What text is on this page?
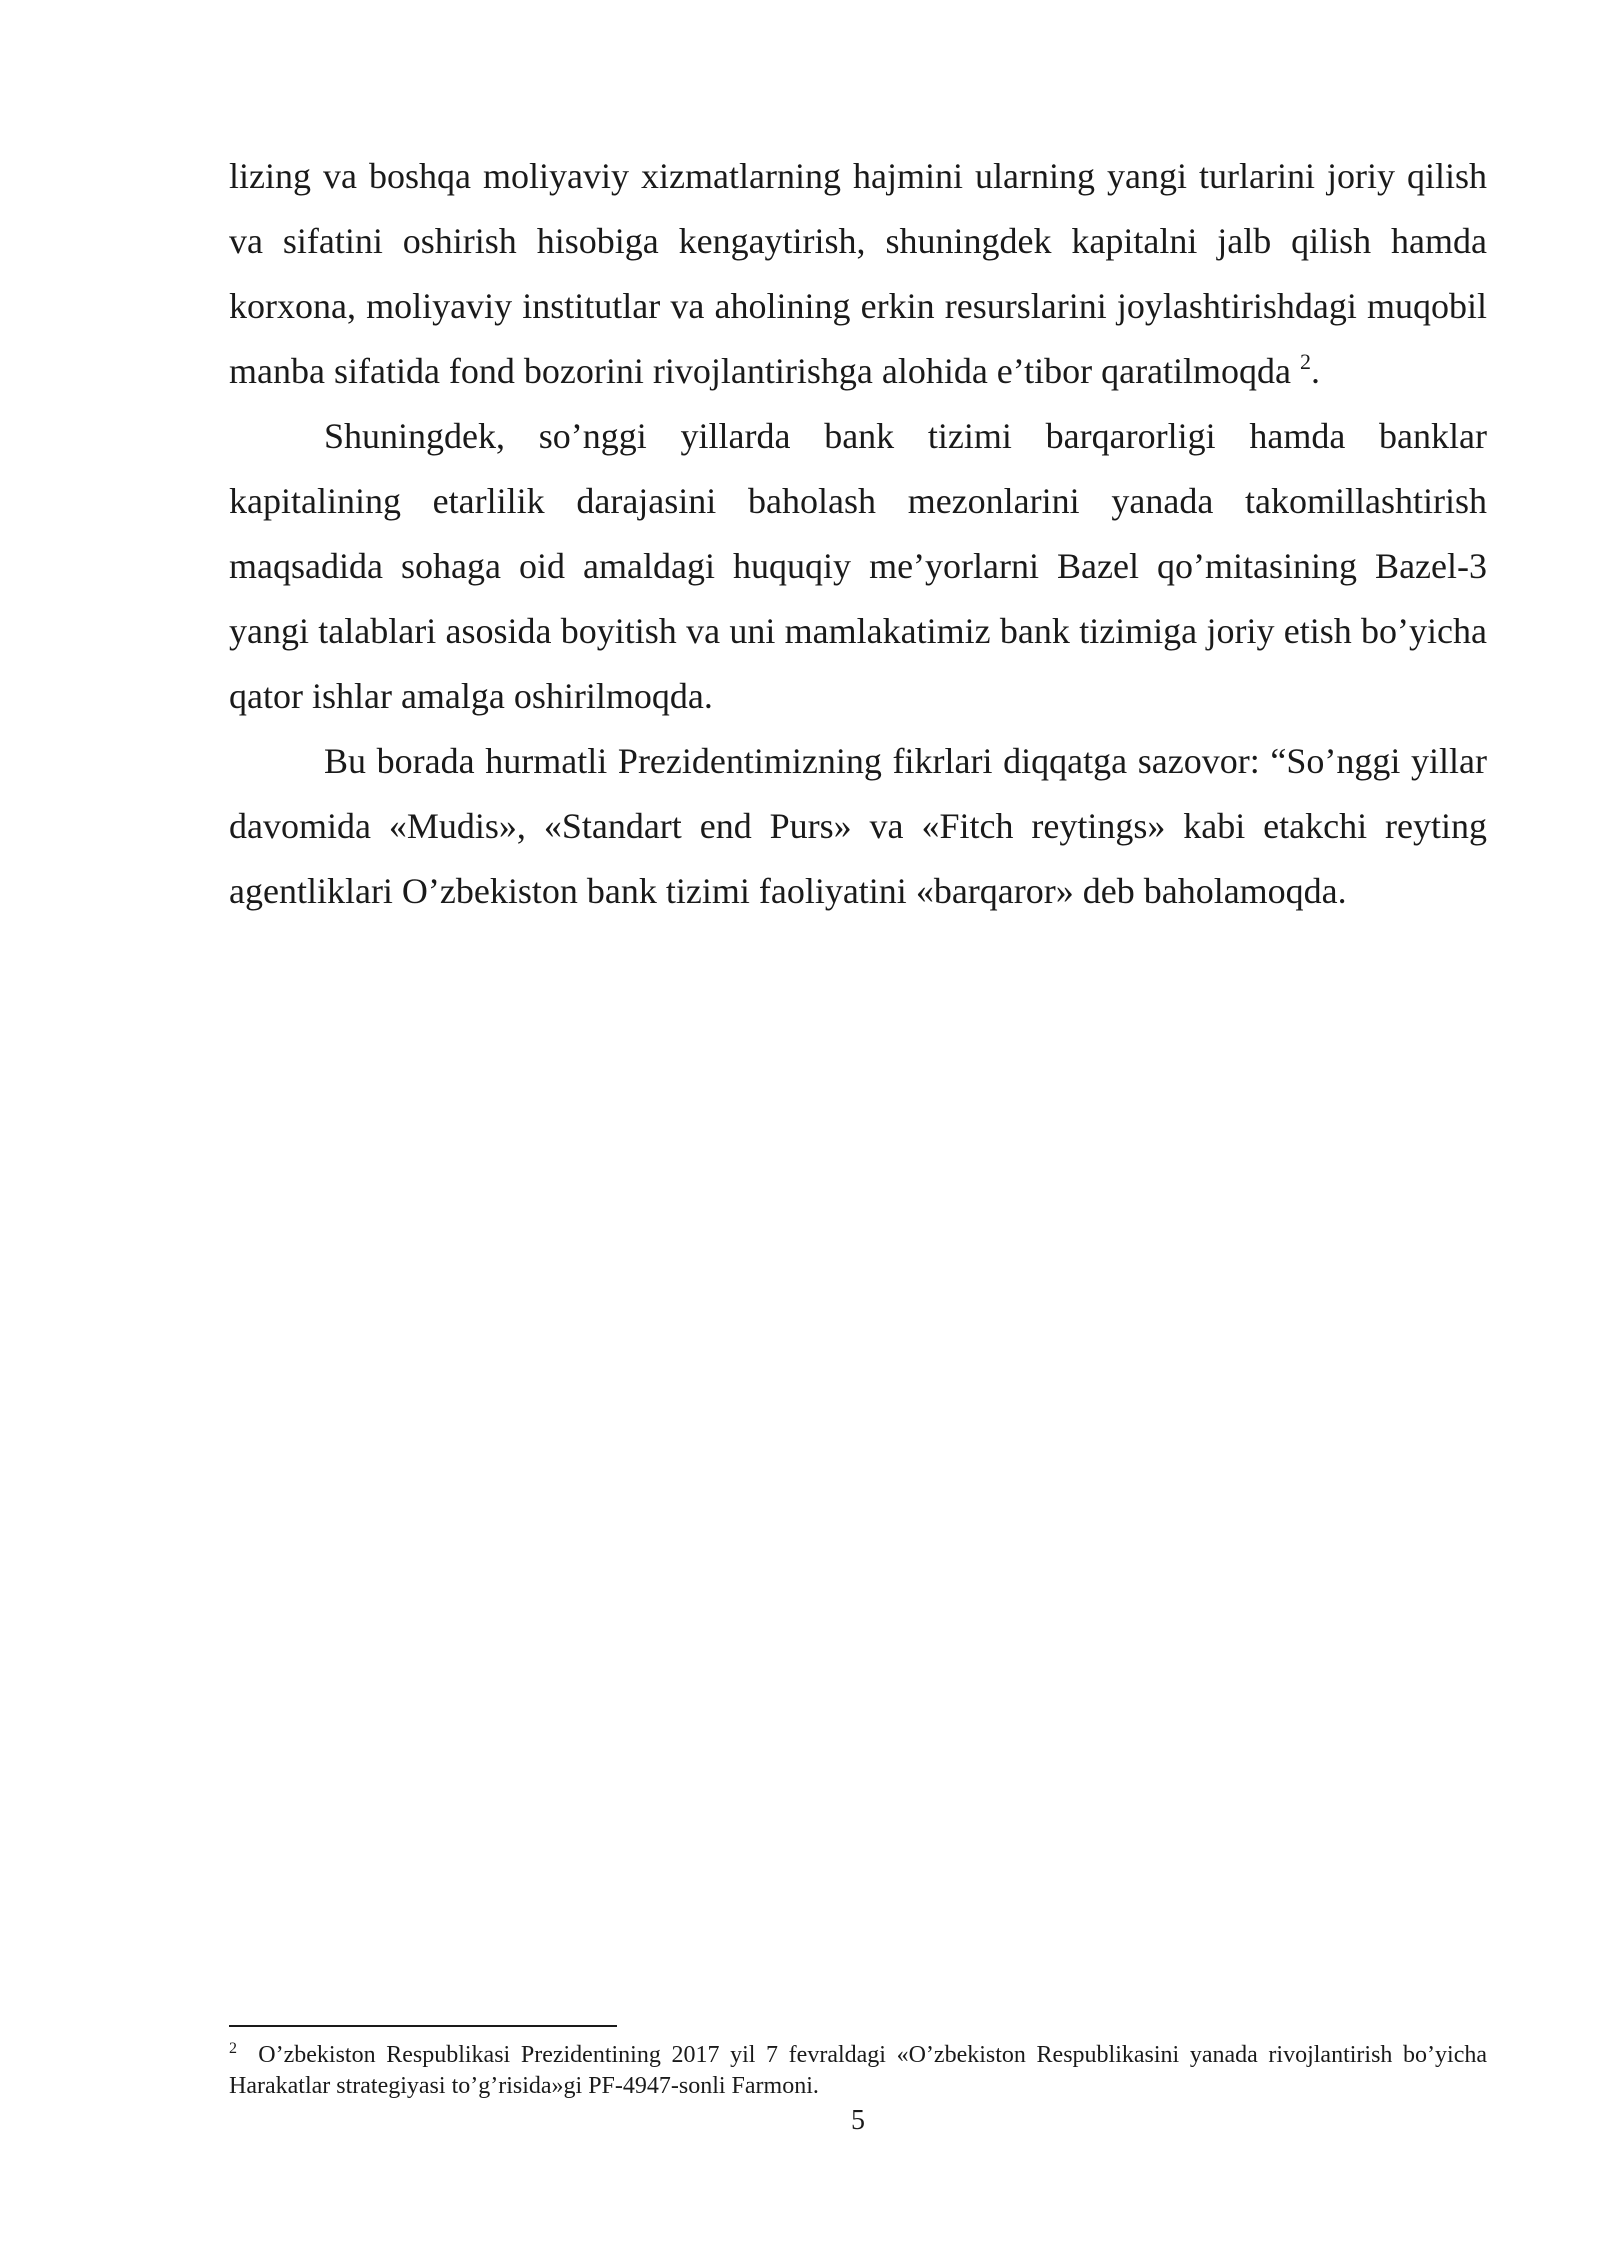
lizing va boshqa moliyaviy xizmatlarning hajmini ularning yangi turlarini joriy qilish va sifatini oshirish hisobiga kengaytirish, shuningdek kapitalni jalb qilish hamda korxona, moliyaviy institutlar va aholining erkin resurslarini joylashtirishdagi muqobil manba sifatida fond bozorini rivojlantirishga alohida e’tibor qaratilmoqda $^2$.

Shuningdek, so’nggi yillarda bank tizimi barqarorligi hamda banklar kapitalining etarlilik darajasini baholash mezonlarini yanada takomillashtirish maqsadida sohaga oid amaldagi huquqiy me’yorlarni Bazel qo’mitasining Bazel-3 yangi talablari asosida boyitish va uni mamlakatimiz bank tizimiga joriy etish bo’yicha qator ishlar amalga oshirilmoqda.

Bu borada hurmatli Prezidentimizning fikrlari diqqatga sazovor: “So’nggi yillar davomida «Mudis», «Standart end Purs» va «Fitch reytings» kabi etakchi reyting agentliklari O’zbekiston bank tizimi faoliyatini «barqaror» deb baholamoqda.

$^2$ O’zbekiston Respublikasi Prezidentining 2017 yil 7 fevraldagi «O’zbekiston Respublikasini yanada rivojlantirish bo’yicha Harakatlar strategiyasi to’g’risida»gi PF-4947-sonli Farmoni.

5
